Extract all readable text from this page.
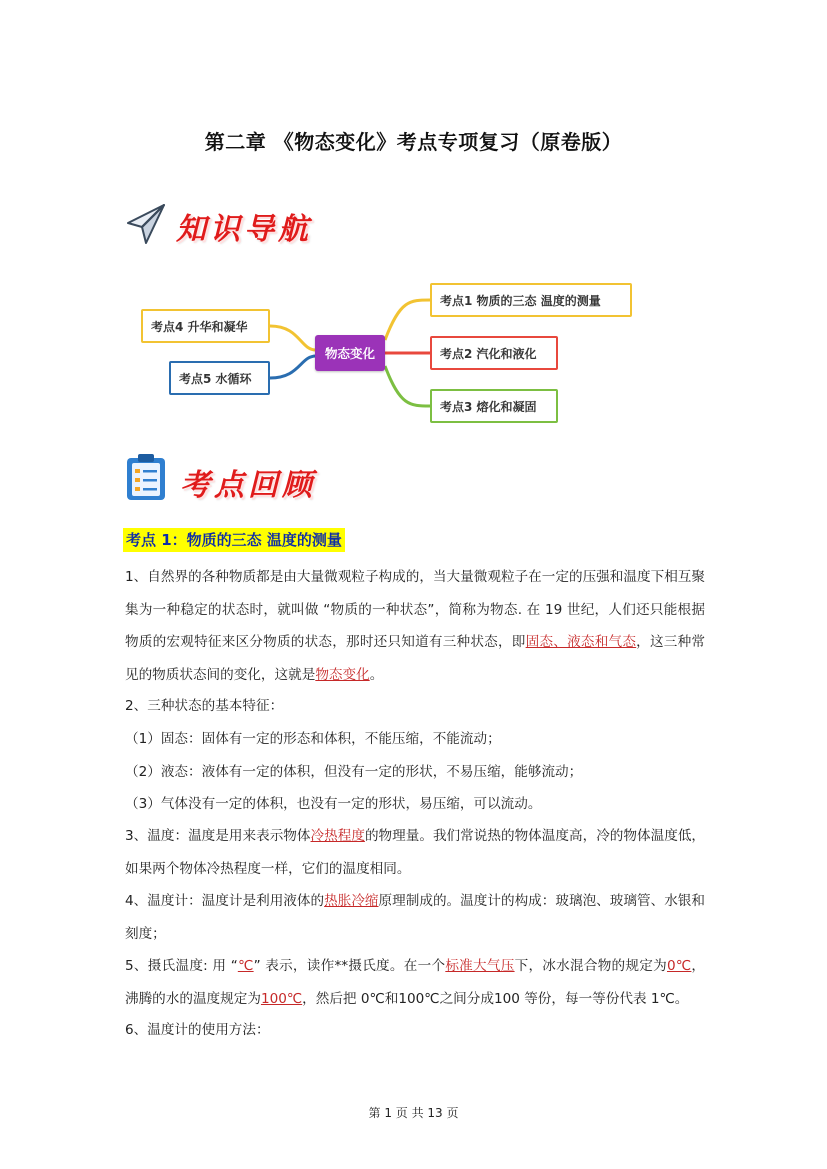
第二章 《物态变化》考点专项复习（原卷版）
知识导航
物态变化
考点1 物质的三态 温度的测量
考点2 汽化和液化
考点3 熔化和凝固
考点4 升华和凝华
考点5 水循环
考点回顾
考点 1：物质的三态 温度的测量
1、自然界的各种物质都是由大量微观粒子构成的，当大量微观粒子在一定的压强和温度下相互聚集为一种稳定的状态时，就叫做 “物质的一种状态”，简称为物态. 在 19 世纪，人们还只能根据物质的宏观特征来区分物质的状态，那时还只知道有三种状态，即固态、液态和气态，这三种常见的物质状态间的变化，这就是物态变化。
2、三种状态的基本特征：
（1）固态：固体有一定的形态和体积，不能压缩，不能流动；
（2）液态：液体有一定的体积，但没有一定的形状，不易压缩，能够流动；
（3）气体没有一定的体积，也没有一定的形状，易压缩，可以流动。
3、温度：温度是用来表示物体冷热程度的物理量。我们常说热的物体温度高，冷的物体温度低，如果两个物体冷热程度一样，它们的温度相同。
4、温度计：温度计是利用液体的热胀冷缩原理制成的。温度计的构成：玻璃泡、玻璃管、水银和刻度；
5、摄氏温度: 用 “℃” 表示，读作**摄氏度。在一个标准大气压下，冰水混合物的规定为0℃，沸腾的水的温度规定为100℃，然后把 0℃和100℃之间分成100 等份，每一等份代表 1℃。
6、温度计的使用方法：
第 1 页 共 13 页
